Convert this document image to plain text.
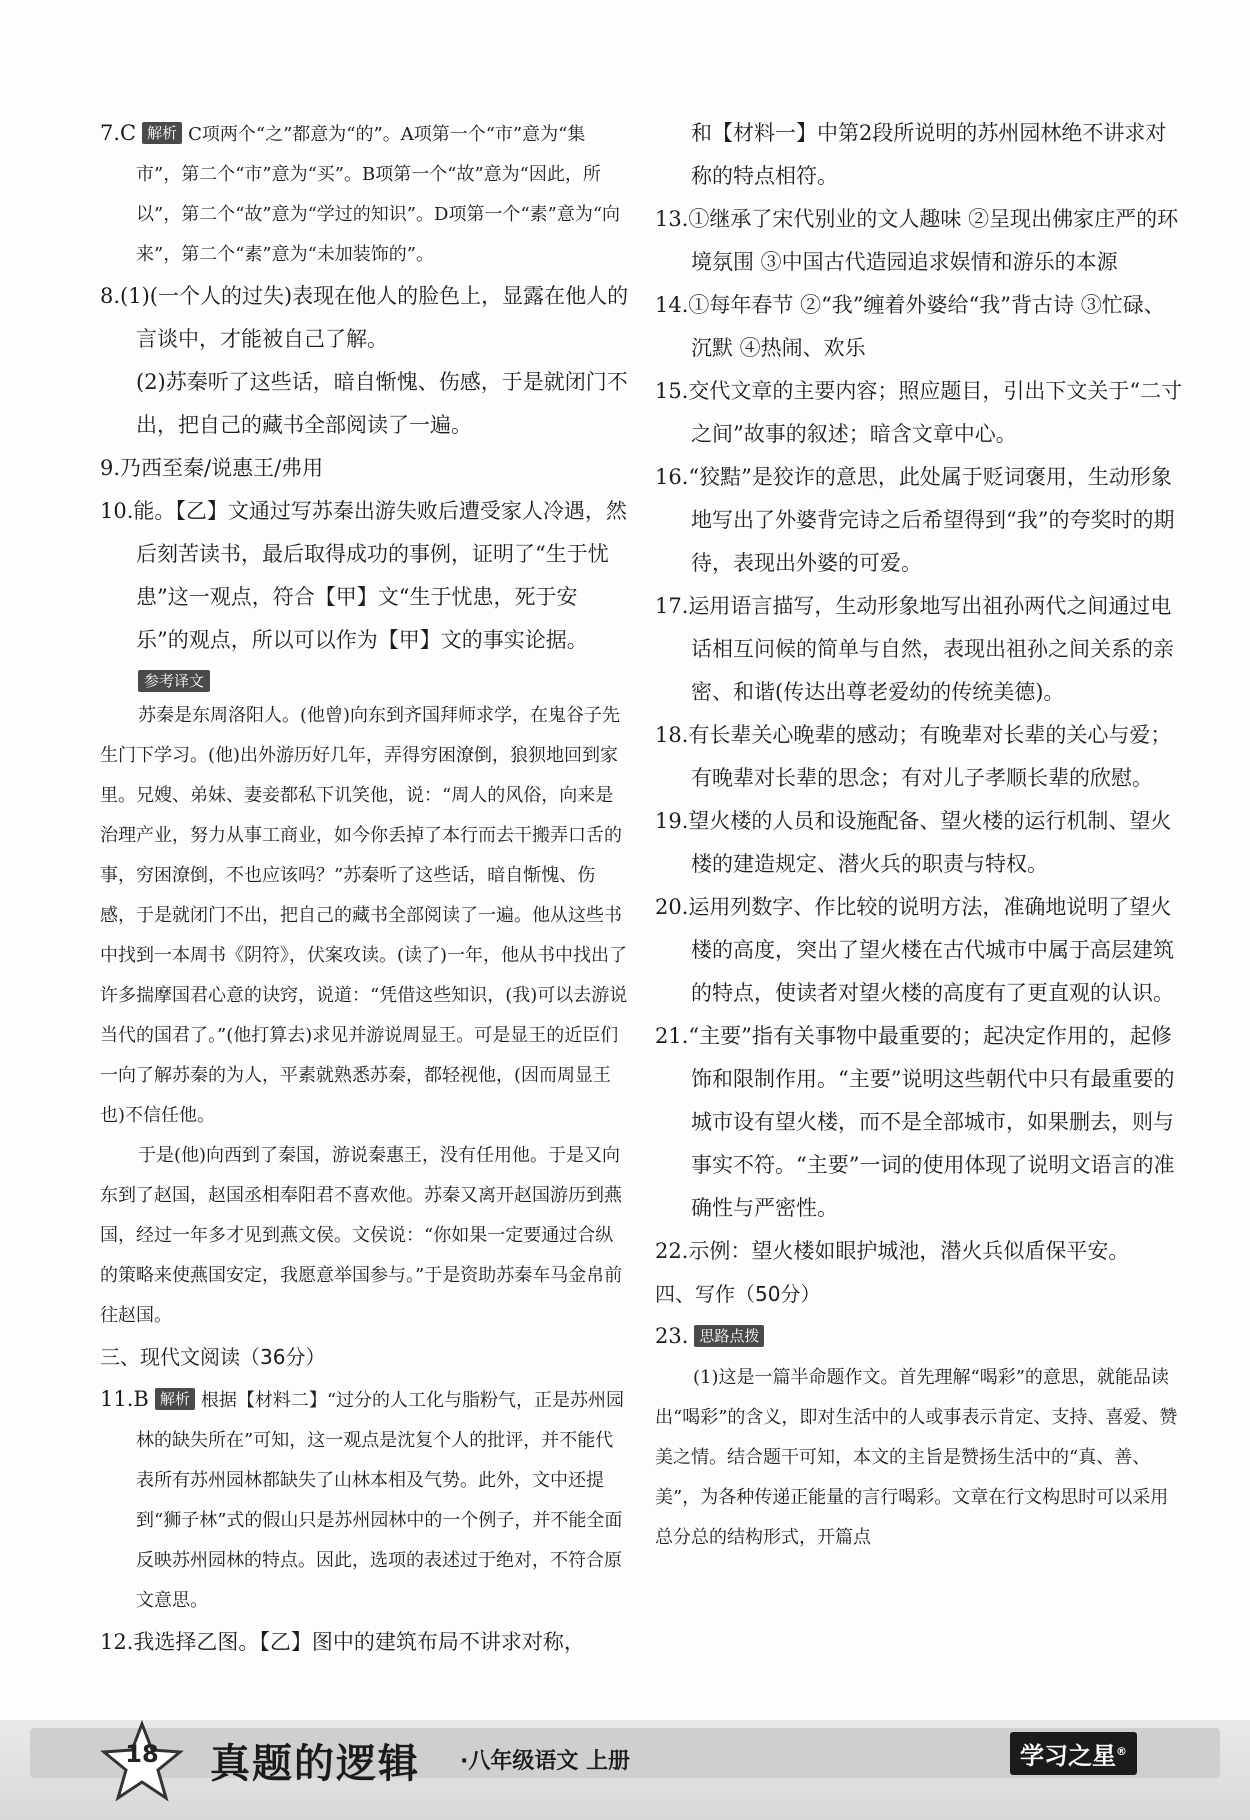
7.C 解析 C项两个“之”都意为“的”。A项第一个“市”意为“集市”，第二个“市”意为“买”。B项第一个“故”意为“因此，所以”，第二个“故”意为“学过的知识”。D项第一个“素”意为“向来”，第二个“素”意为“未加装饰的”。

8.(1)(一个人的过失)表现在他人的脸色上，显露在他人的言谈中，才能被自己了解。

(2)苏秦听了这些话，暗自惭愧、伤感，于是就闭门不出，把自己的藏书全部阅读了一遍。

9.乃西至秦/说惠王/弗用

10.能。【乙】文通过写苏秦出游失败后遭受家人冷遇，然后刻苦读书，最后取得成功的事例，证明了“生于忧患”这一观点，符合【甲】文“生于忧患，死于安乐”的观点，所以可以作为【甲】文的事实论据。

参考译文

苏秦是东周洛阳人。(他曾)向东到齐国拜师求学，在鬼谷子先生门下学习。(他)出外游历好几年，弄得穷困潦倒，狼狈地回到家里。兄嫂、弟妹、妻妾都私下讥笑他，说：“周人的风俗，向来是治理产业，努力从事工商业，如今你丢掉了本行而去干搬弄口舌的事，穷困潦倒，不也应该吗？”苏秦听了这些话，暗自惭愧、伤感，于是就闭门不出，把自己的藏书全部阅读了一遍。他从这些书中找到一本周书《阴符》，伏案攻读。(读了)一年，他从书中找出了许多揣摩国君心意的诀窍，说道：“凭借这些知识，(我)可以去游说当代的国君了。”(他打算去)求见并游说周显王。可是显王的近臣们一向了解苏秦的为人，平素就熟悉苏秦，都轻视他，(因而周显王也)不信任他。

于是(他)向西到了秦国，游说秦惠王，没有任用他。于是又向东到了赵国，赵国丞相奉阳君不喜欢他。苏秦又离开赵国游历到燕国，经过一年多才见到燕文侯。文侯说：“你如果一定要通过合纵的策略来使燕国安定，我愿意举国参与。”于是资助苏秦车马金帛前往赵国。

三、现代文阅读（36分）

11.B 解析 根据【材料二】“过分的人工化与脂粉气，正是苏州园林的缺失所在”可知，这一观点是沈复个人的批评，并不能代表所有苏州园林都缺失了山林本相及气势。此外，文中还提到“狮子林”式的假山只是苏州园林中的一个例子，并不能全面反映苏州园林的特点。因此，选项的表述过于绝对，不符合原文意思。

12.我选择乙图。【乙】图中的建筑布局不讲求对称，

和【材料一】中第2段所说明的苏州园林绝不讲求对称的特点相符。

13.①继承了宋代别业的文人趣味 ②呈现出佛家庄严的环境氛围 ③中国古代造园追求娱情和游乐的本源

14.①每年春节 ②“我”缠着外婆给“我”背古诗 ③忙碌、沉默 ④热闹、欢乐

15.交代文章的主要内容；照应题目，引出下文关于“二寸之间”故事的叙述；暗含文章中心。

16.“狡黠”是狡诈的意思，此处属于贬词褒用，生动形象地写出了外婆背完诗之后希望得到“我”的夸奖时的期待，表现出外婆的可爱。

17.运用语言描写，生动形象地写出祖孙两代之间通过电话相互问候的简单与自然，表现出祖孙之间关系的亲密、和谐(传达出尊老爱幼的传统美德)。

18.有长辈关心晚辈的感动；有晚辈对长辈的关心与爱；有晚辈对长辈的思念；有对儿子孝顺长辈的欣慰。

19.望火楼的人员和设施配备、望火楼的运行机制、望火楼的建造规定、潜火兵的职责与特权。

20.运用列数字、作比较的说明方法，准确地说明了望火楼的高度，突出了望火楼在古代城市中属于高层建筑的特点，使读者对望火楼的高度有了更直观的认识。

21.“主要”指有关事物中最重要的；起决定作用的，起修饰和限制作用。“主要”说明这些朝代中只有最重要的城市设有望火楼，而不是全部城市，如果删去，则与事实不符。“主要”一词的使用体现了说明文语言的准确性与严密性。

22.示例：望火楼如眼护城池，潜火兵似盾保平安。

四、写作（50分）

23. 思路点拨

(1)这是一篇半命题作文。首先理解“喝彩”的意思，就能品读出“喝彩”的含义，即对生活中的人或事表示肯定、支持、喜爱、赞美之情。结合题干可知，本文的主旨是赞扬生活中的“真、善、美”，为各种传递正能量的言行喝彩。文章在行文构思时可以采用总分总的结构形式，开篇点

18	真题的逻辑 ·八年级语文 上册	学习之星®
